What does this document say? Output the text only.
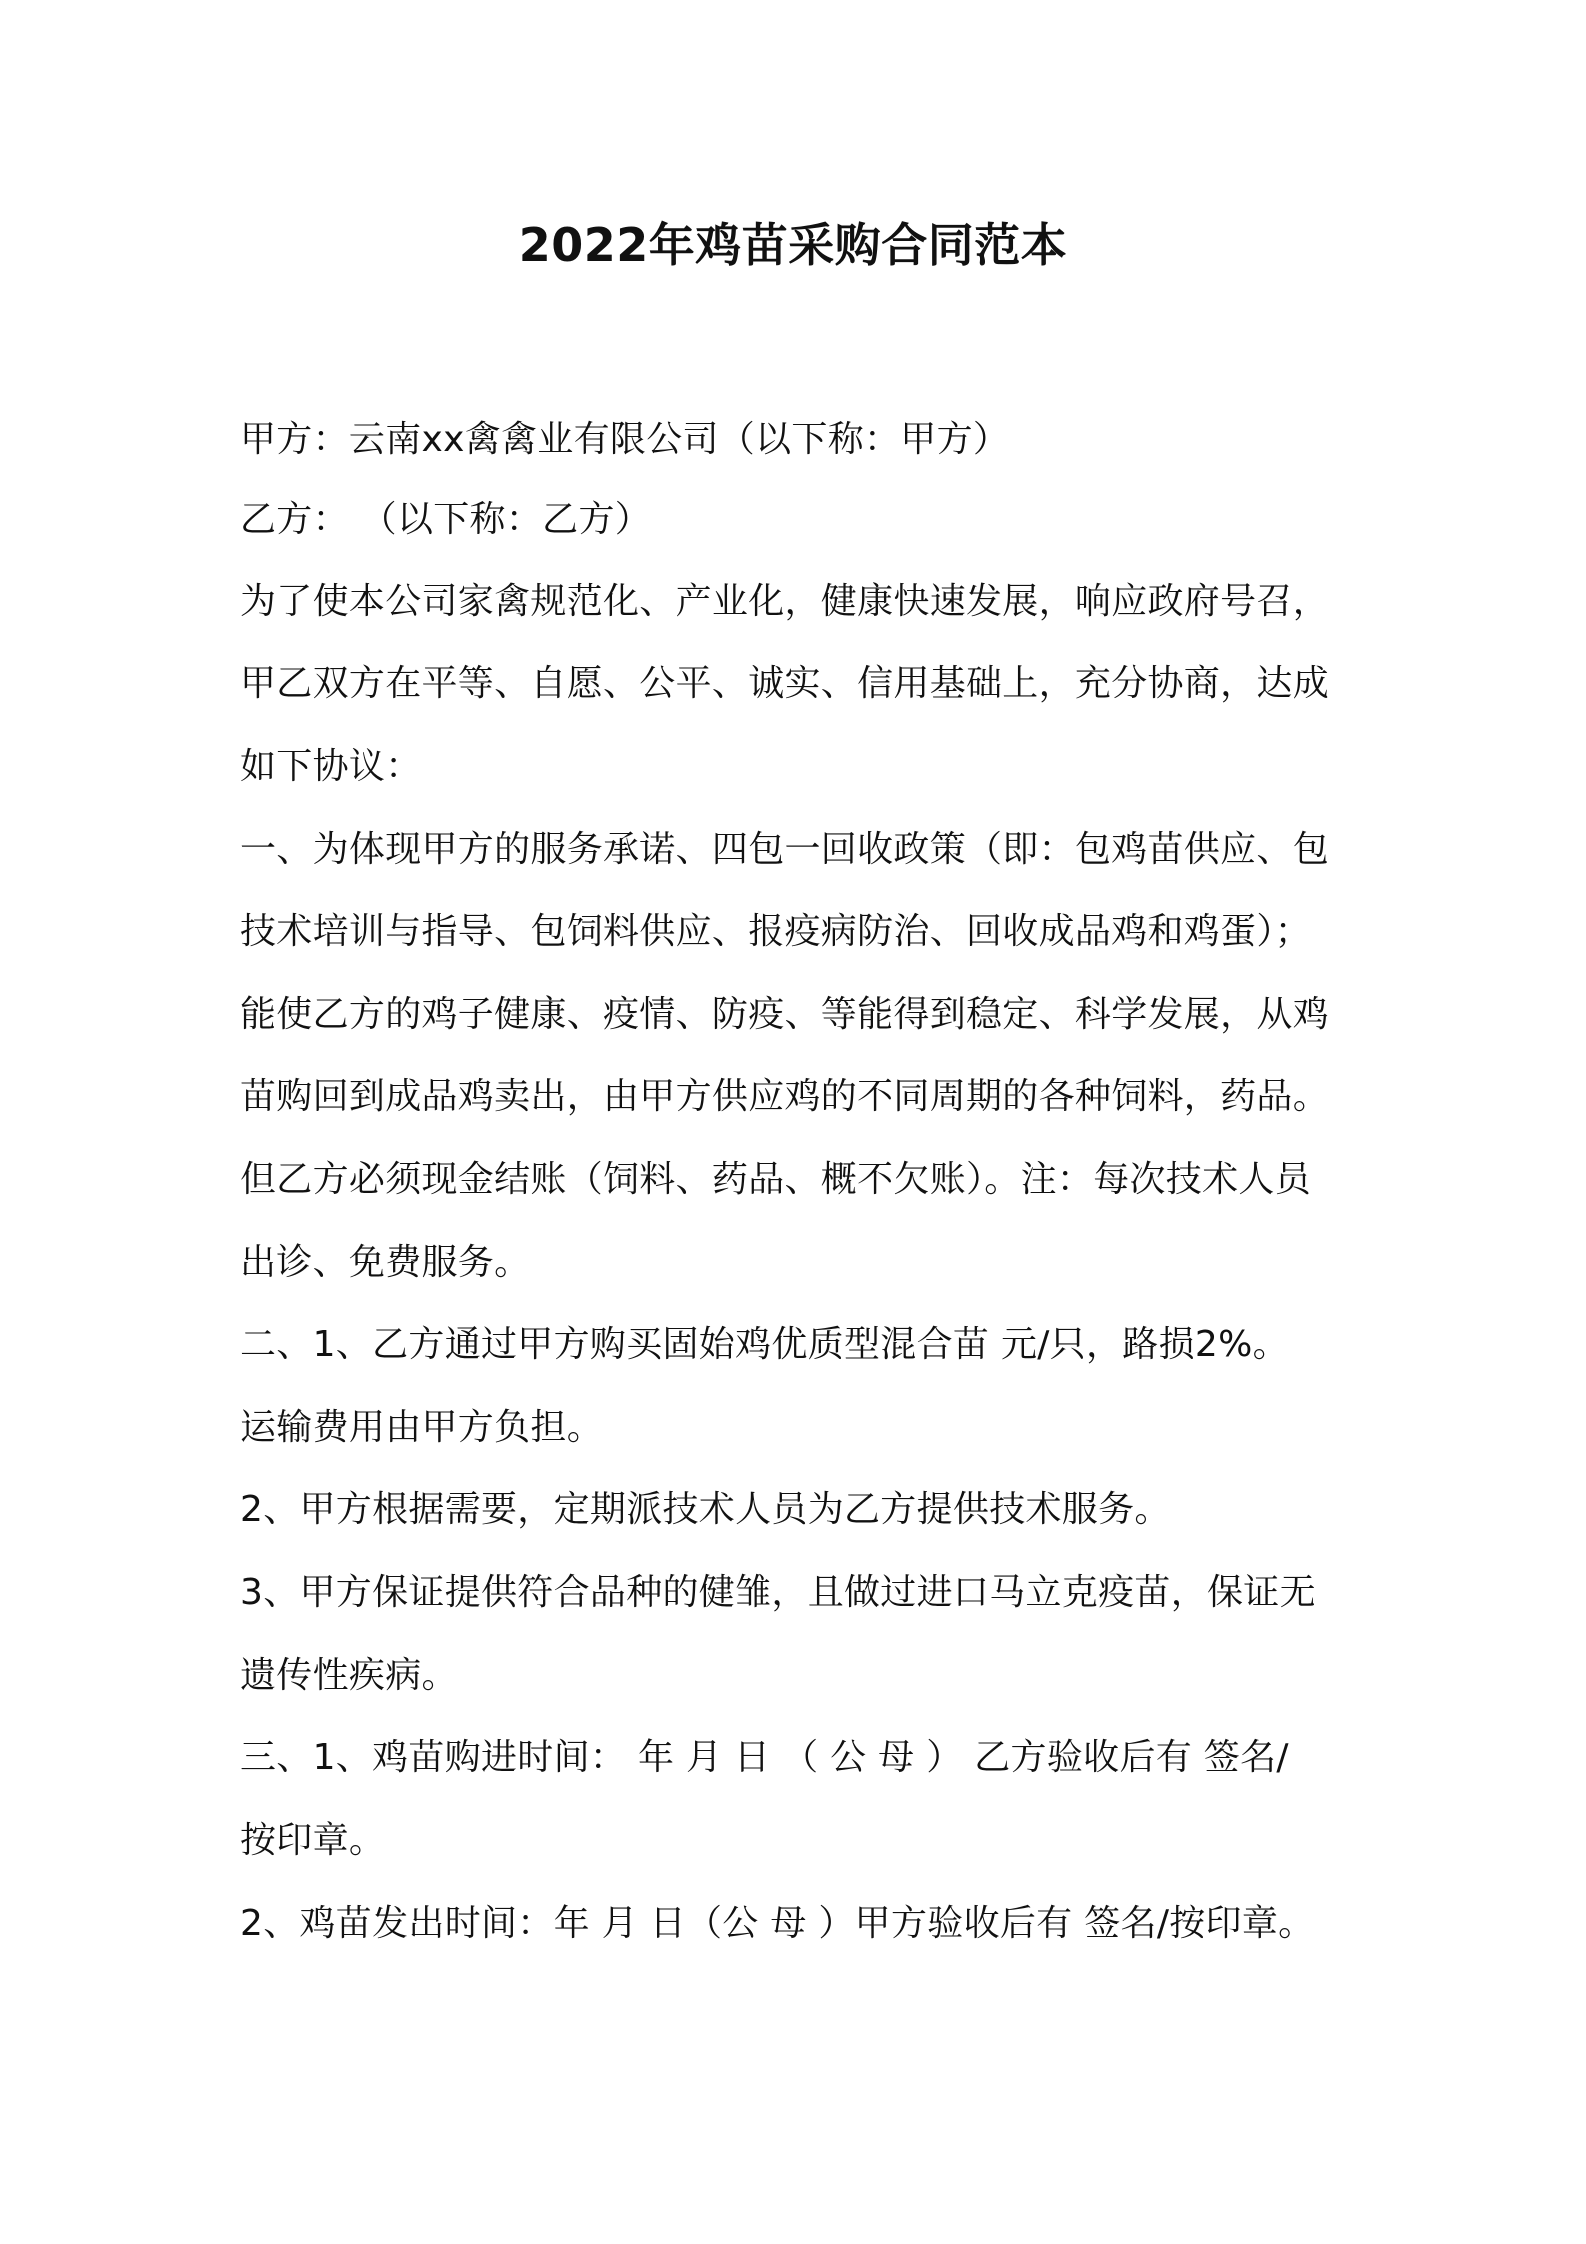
2022年鸡苗采购合同范本
甲方：云南xx禽禽业有限公司（以下称：甲方）
乙方： （以下称：乙方）
为了使本公司家禽规范化、产业化，健康快速发展，响应政府号召，
甲乙双方在平等、自愿、公平、诚实、信用基础上，充分协商，达成
如下协议：
一、为体现甲方的服务承诺、四包一回收政策（即：包鸡苗供应、包
技术培训与指导、包饲料供应、报疫病防治、回收成品鸡和鸡蛋）；
能使乙方的鸡子健康、疫情、防疫、等能得到稳定、科学发展，从鸡
苗购回到成品鸡卖出，由甲方供应鸡的不同周期的各种饲料，药品。
但乙方必须现金结账（饲料、药品、概不欠账）。注：每次技术人员
出诊、免费服务。
二、1、乙方通过甲方购买固始鸡优质型混合苗 元/只，路损2%。
运输费用由甲方负担。
2、甲方根据需要，定期派技术人员为乙方提供技术服务。
3、甲方保证提供符合品种的健雏，且做过进口马立克疫苗，保证无
遗传性疾病。
三、1、鸡苗购进时间： 年 月 日 （ 公 母 ） 乙方验收后有 签名/
按印章。
2、鸡苗发出时间：年 月 日（公 母 ）甲方验收后有 签名/按印章。
